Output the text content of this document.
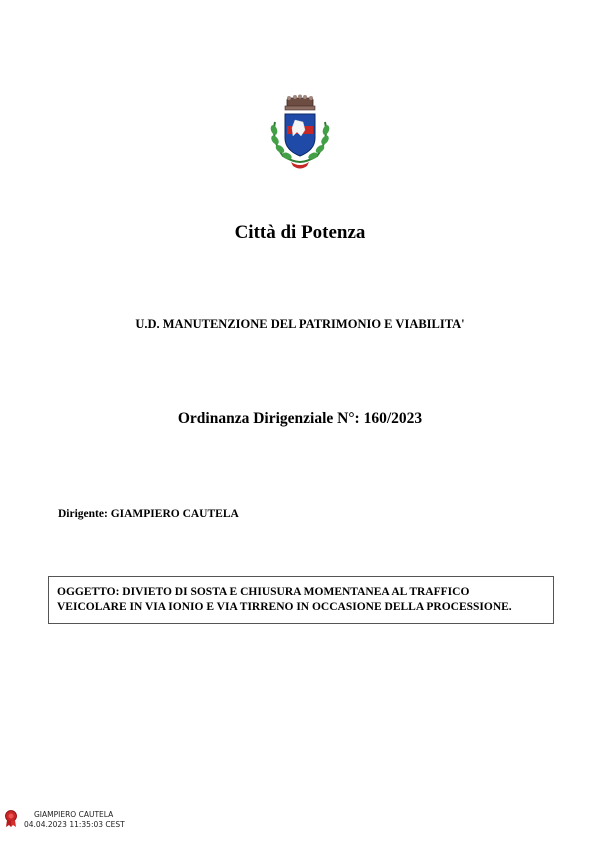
Città di Potenza
U.D. MANUTENZIONE DEL PATRIMONIO E VIABILITA'
Ordinanza Dirigenziale N°: 160/2023
Dirigente: GIAMPIERO CAUTELA
OGGETTO: DIVIETO DI SOSTA E CHIUSURA MOMENTANEA AL TRAFFICO
VEICOLARE IN VIA IONIO E VIA TIRRENO IN OCCASIONE DELLA PROCESSIONE.
GIAMPIERO CAUTELA
04.04.2023 11:35:03 CEST
